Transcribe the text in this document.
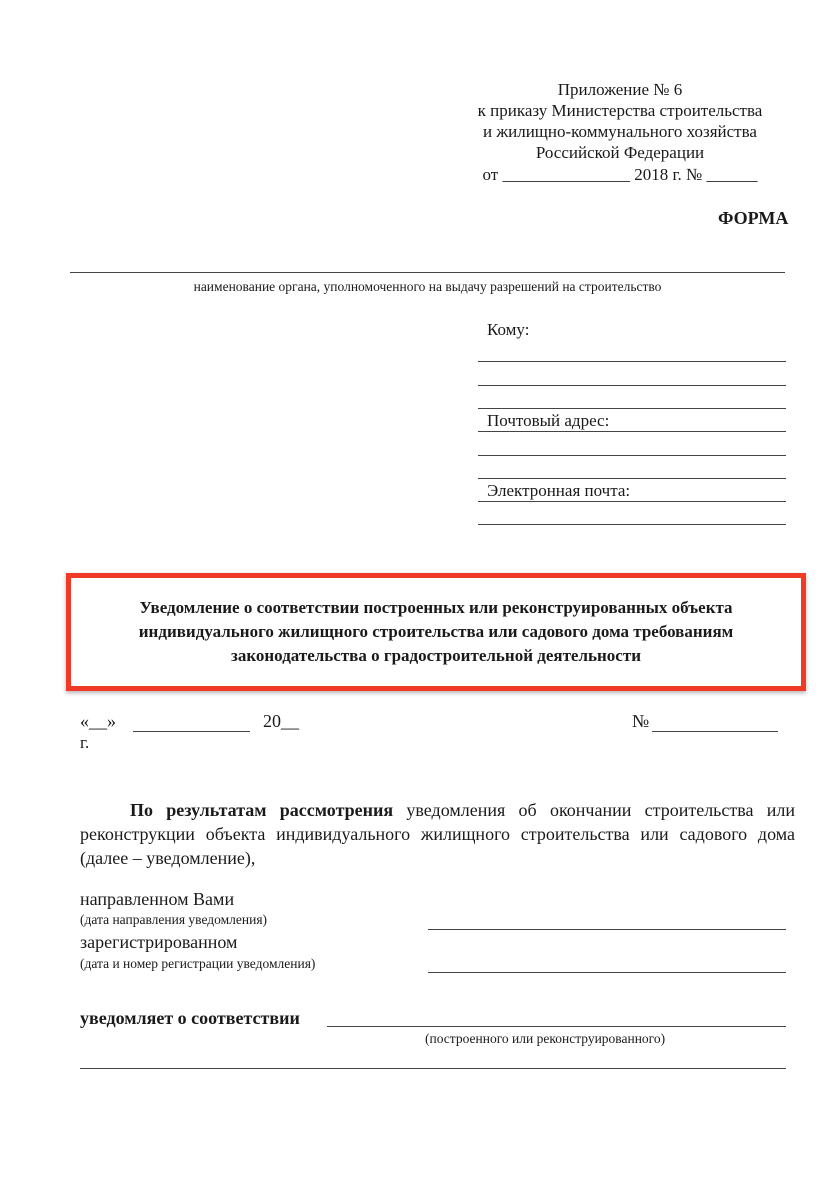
Приложение № 6
к приказу Министерства строительства
и жилищно-коммунального хозяйства
Российской Федерации
от _______________ 2018 г. № ______
ФОРМА
наименование органа, уполномоченного на выдачу разрешений на строительство
Кому:
Почтовый адрес:
Электронная почта:
Уведомление о соответствии построенных или реконструированных объекта индивидуального жилищного строительства или садового дома требованиям законодательства о градостроительной деятельности
«__»	20__
г.
№
По результатам рассмотрения уведомления об окончании строительства или реконструкции объекта индивидуального жилищного строительства или садового дома (далее – уведомление),
направленном Вами
(дата направления уведомления)
зарегистрированном
(дата и номер регистрации уведомления)
уведомляет о соответствии
(построенного или реконструированного)
